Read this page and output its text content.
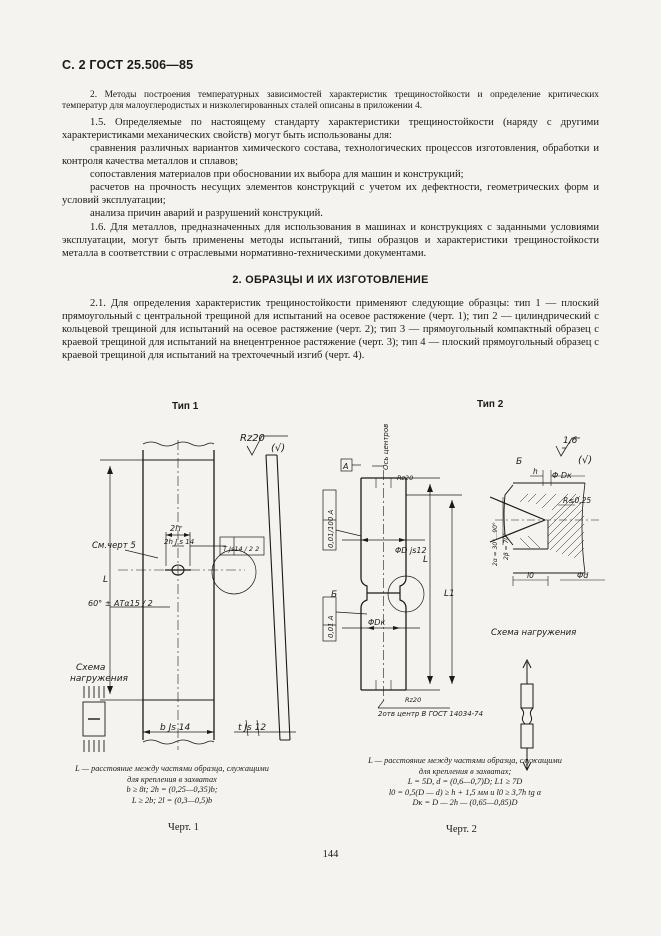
С. 2 ГОСТ 25.506—85

2. Методы построения температурных зависимостей характеристик трещиностойкости и определение критических температур для малоуглеродистых и низколегированных сталей описаны в приложении 4.

1.5. Определяемые по настоящему стандарту характеристики трещиностойкости (наряду с другими характеристиками механических свойств) могут быть использованы для:

сравнения различных вариантов химического состава, технологических процессов изготовления, обработки и контроля качества металлов и сплавов;

сопоставления материалов при обосновании их выбора для машин и конструкций;

расчетов на прочность несущих элементов конструкций с учетом их дефектности, геометрических форм и условий эксплуатации;

анализа причин аварий и разрушений конструкций.

1.6. Для металлов, предназначенных для использования в машинах и конструкциях с заданными условиями эксплуатации, могут быть применены методы испытаний, типы образцов и характеристики трещиностойкости металла в соответствии с отраслевыми нормативно-техническими документами.

2. ОБРАЗЦЫ И ИХ ИЗГОТОВЛЕНИЕ

2.1. Для определения характеристик трещиностойкости применяют следующие образцы: тип 1 — плоский прямоугольный с центральной трещиной для испытаний на осевое растяжение (черт. 1); тип 2 — цилиндрический с кольцевой трещиной для испытаний на осевое растяжение (черт. 2); тип 3 — прямоугольный компактный образец с краевой трещиной для испытаний на внецентренное растяжение (черт. 3); тип 4 — плоский прямоугольный образец с краевой трещиной для испытаний на трехточечный изгиб (черт. 4).

Тип 1	Тип 2
Rz20
(√)
2lт
2h J s 14
Т Js14 / 2 2
См.черт 5
60° ± АТα15 / 2
L
b Js 14	t Js 12
Схема
нагружения
Ось центров
Б
A
0,01/100 А
0,01 А
Rz20
Rz20
ΦD js12
ΦDк
L
L1
2отв центр В ГОСТ 14034-74
1,6
(√)
Б
Φ Dк
R≤0,25
2α = 30°…90° 2β ≈ 70°
h
l0	Φd
Схема нагружения
L — расстояние между частями образца, служащими
для крепления в захватах
b ≥ 8t; 2h = (0,25—0,35)b;
L ≥ 2b; 2l = (0,3—0,5)b
Черт. 1
L — расстояние между частями образца, служащими
для крепления в захватах;
L = 5D, d = (0,6—0,7)D; L1 ≥ 7D
l0 = 0,5(D — d) ≥ h + 1,5 мм и l0 ≥ 3,7h tg α
Dк = D — 2h — (0,65—0,85)D
Черт. 2
144
